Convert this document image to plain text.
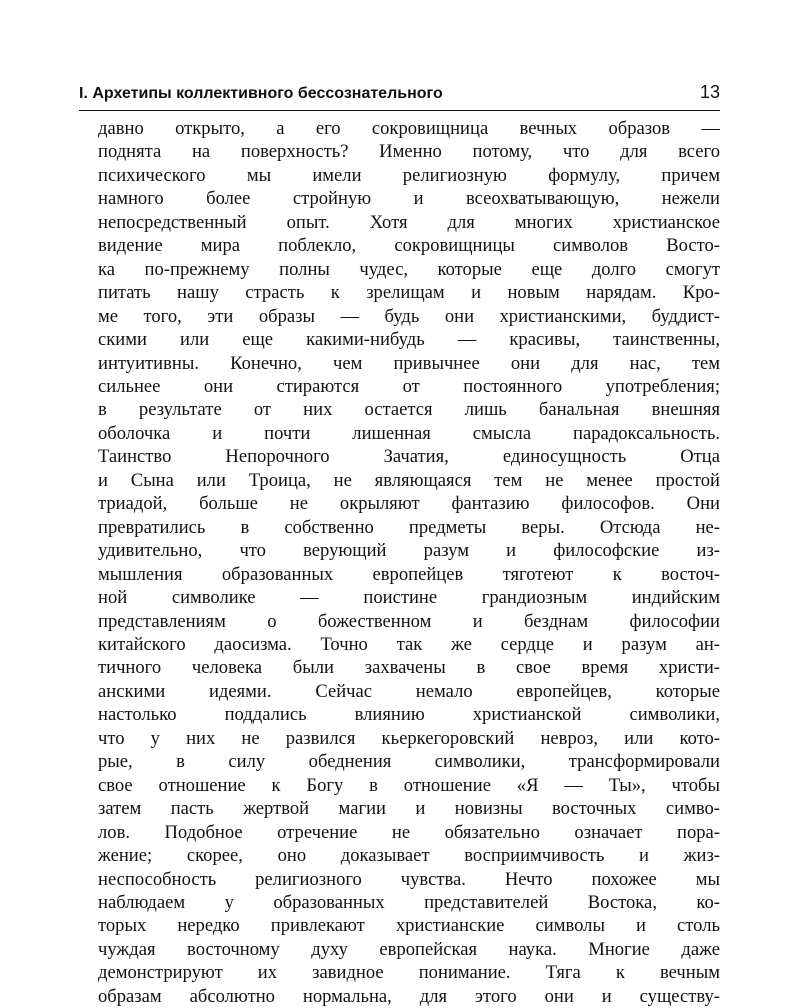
I. Архетипы коллективного бессознательного	13
давно открыто, а его сокровищница вечных образов —
поднята на поверхность? Именно потому, что для всего
психического мы имели религиозную формулу, причем
намного более стройную и всеохватывающую, нежели
непосредственный опыт. Хотя для многих христианское
видение мира поблекло, сокровищницы символов Восто-
ка по-прежнему полны чудес, которые еще долго смогут
питать нашу страсть к зрелищам и новым нарядам. Кро-
ме того, эти образы — будь они христианскими, буддист-
скими или еще какими-нибудь — красивы, таинственны,
интуитивны. Конечно, чем привычнее они для нас, тем
сильнее они стираются от постоянного употребления;
в результате от них остается лишь банальная внешняя
оболочка и почти лишенная смысла парадоксальность.
Таинство Непорочного Зачатия, единосущность Отца
и Сына или Троица, не являющаяся тем не менее простой
триадой, больше не окрыляют фантазию философов. Они
превратились в собственно предметы веры. Отсюда не-
удивительно, что верующий разум и философские из-
мышления образованных европейцев тяготеют к восточ-
ной символике — поистине грандиозным индийским
представлениям о божественном и безднам философии
китайского даосизма. Точно так же сердце и разум ан-
тичного человека были захвачены в свое время христи-
анскими идеями. Сейчас немало европейцев, которые
настолько поддались влиянию христианской символики,
что у них не развился кьеркегоровский невроз, или кото-
рые, в силу обеднения символики, трансформировали
свое отношение к Богу в отношение «Я — Ты», чтобы
затем пасть жертвой магии и новизны восточных симво-
лов. Подобное отречение не обязательно означает пора-
жение; скорее, оно доказывает восприимчивость и жиз-
неспособность религиозного чувства. Нечто похожее мы
наблюдаем у образованных представителей Востока, ко-
торых нередко привлекают христианские символы и столь
чуждая восточному духу европейская наука. Многие даже
демонстрируют их завидное понимание. Тяга к вечным
образам абсолютно нормальна, для этого они и существу-
